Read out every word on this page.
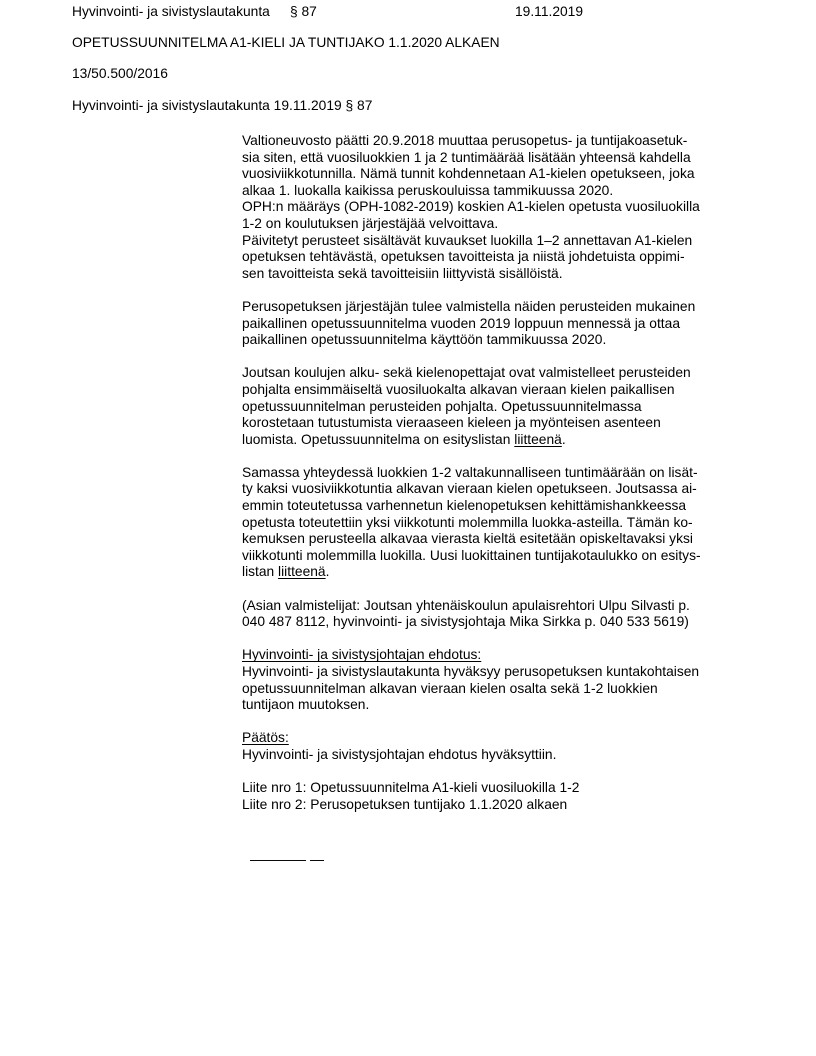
Hyvinvointi- ja sivistyslautakunta § 87	19.11.2019
OPETUSSUUNNITELMA A1-KIELI JA TUNTIJAKO 1.1.2020 ALKAEN
13/50.500/2016
Hyvinvointi- ja sivistyslautakunta 19.11.2019 § 87
Valtioneuvosto päätti 20.9.2018 muuttaa perusopetus- ja tuntijakoasetuk-
sia siten, että vuosiluokkien 1 ja 2 tuntimäärää lisätään yhteensä kahdella
vuosiviikkotunnilla. Nämä tunnit kohdennetaan A1-kielen opetukseen, joka
alkaa 1. luokalla kaikissa peruskouluissa tammikuussa 2020.
OPH:n määräys (OPH-1082-2019) koskien A1-kielen opetusta vuosiluokilla
1-2 on koulutuksen järjestäjää velvoittava.
Päivitetyt perusteet sisältävät kuvaukset luokilla 1–2 annettavan A1-kielen
opetuksen tehtävästä, opetuksen tavoitteista ja niistä johdetuista oppimi-
sen tavoitteista sekä tavoitteisiin liittyvistä sisällöistä.
Perusopetuksen järjestäjän tulee valmistella näiden perusteiden mukainen
paikallinen opetussuunnitelma vuoden 2019 loppuun mennessä ja ottaa
paikallinen opetussuunnitelma käyttöön tammikuussa 2020.
Joutsan koulujen alku- sekä kielenopettajat ovat valmistelleet perusteiden
pohjalta ensimmäiseltä vuosiluokalta alkavan vieraan kielen paikallisen
opetussuunnitelman perusteiden pohjalta. Opetussuunnitelmassa
korostetaan tutustumista vieraaseen kieleen ja myönteisen asenteen
luomista. Opetussuunnitelma on esityslistan liitteenä.
Samassa yhteydessä luokkien 1-2 valtakunnalliseen tuntimäärään on lisät-
ty kaksi vuosiviikkotuntia alkavan vieraan kielen opetukseen. Joutsassa ai-
emmin toteutetussa varhennetun kielenopetuksen kehittämishankkeessa
opetusta toteutettiin yksi viikkotunti molemmilla luokka-asteilla. Tämän ko-
kemuksen perusteella alkavaa vierasta kieltä esitetään opiskeltavaksi yksi
viikkotunti molemmilla luokilla. Uusi luokittainen tuntijakotaulukko on esitys-
listan liitteenä.
(Asian valmistelijat: Joutsan yhtenäiskoulun apulaisrehtori Ulpu Silvasti p.
040 487 8112, hyvinvointi- ja sivistysjohtaja Mika Sirkka p. 040 533 5619)
Hyvinvointi- ja sivistysjohtajan ehdotus:
Hyvinvointi- ja sivistyslautakunta hyväksyy perusopetuksen kuntakohtaisen
opetussuunnitelman alkavan vieraan kielen osalta sekä 1-2 luokkien
tuntijaon muutoksen.
Päätös:
Hyvinvointi- ja sivistysjohtajan ehdotus hyväksyttiin.
Liite nro 1: Opetussuunnitelma A1-kieli vuosiluokilla 1-2
Liite nro 2: Perusopetuksen tuntijako 1.1.2020 alkaen
